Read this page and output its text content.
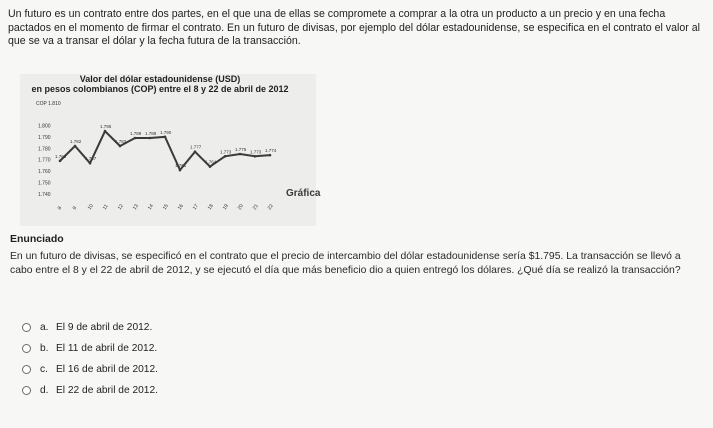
Un futuro es un contrato entre dos partes, en el que una de ellas se compromete a comprar a la otra un producto a un precio y en una fecha pactados en el momento de firmar el contrato. En un futuro de divisas, por ejemplo del dólar estadounidense, se especifica en el contrato el valor al que se va a transar el dólar y la fecha futura de la transacción.
Valor del dólar estadounidense (USD)
en pesos colombianos (COP) entre el 8 y 22 de abril de 2012
COP 1.810
1.800
1.790
1.780
1.770
1.760
1.750
1.740
1.769
1.782
1.767
1.795
1.782
1.789 1.789 1.790
1.761
1.777
1.764
1.773 1.775 1.773 1.774
8 9 10 11 12 13 14 15 16 17 18 19 20 21 22
Gráfica
Enunciado
En un futuro de divisas, se especificó en el contrato que el precio de intercambio del dólar estadounidense sería $1.795. La transacción se llevó a cabo entre el 8 y el 22 de abril de 2012, y se ejecutó el día que más beneficio dio a quien entregó los dólares. ¿Qué día se realizó la transacción?
a. El 9 de abril de 2012.
b. El 11 de abril de 2012.
c. El 16 de abril de 2012.
d. El 22 de abril de 2012.
